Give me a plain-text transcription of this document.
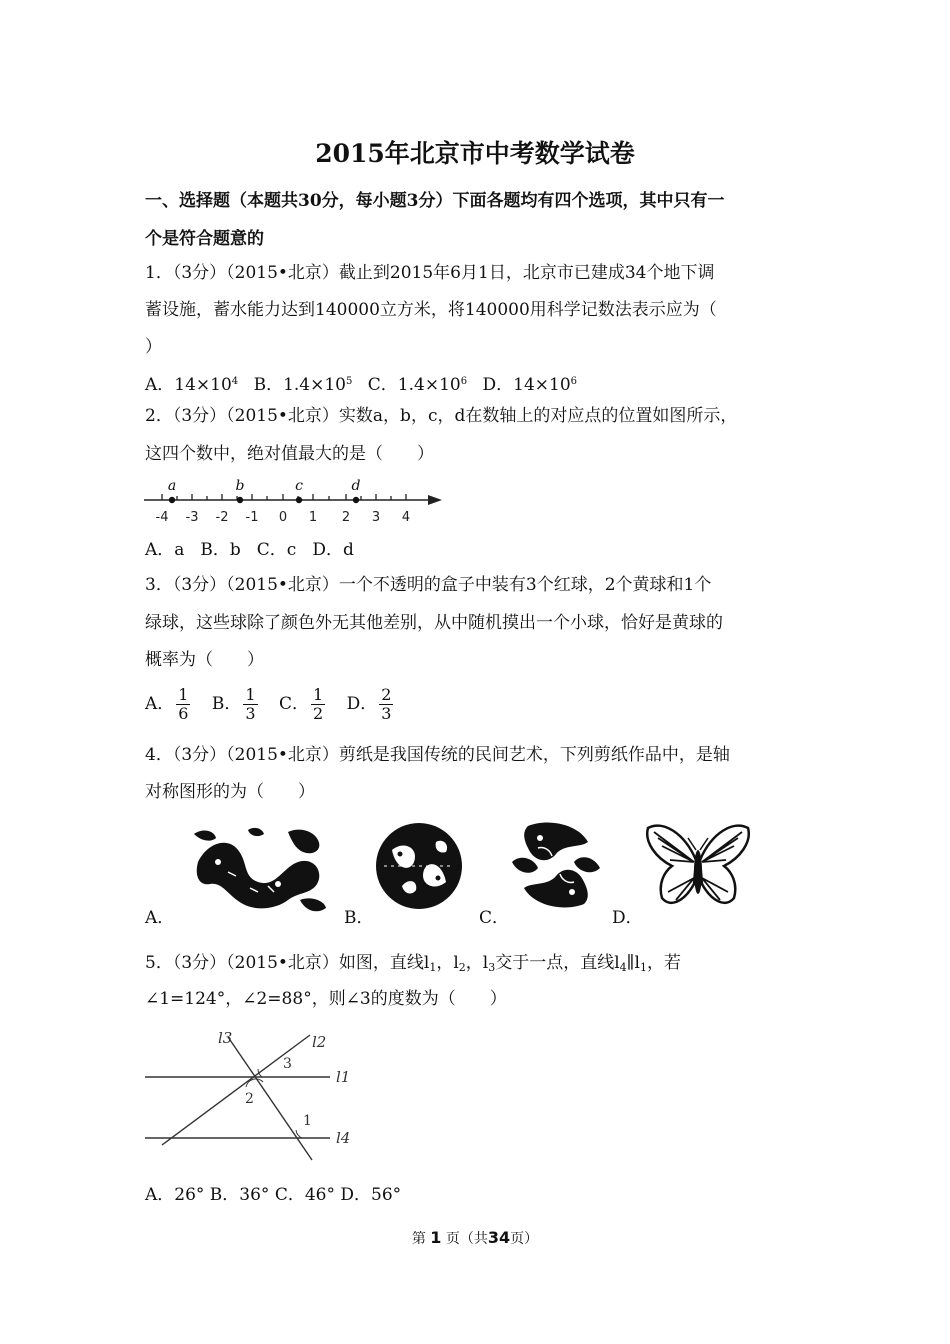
2015年北京市中考数学试卷
一、选择题（本题共30分，每小题3分）下面各题均有四个选项，其中只有一
个是符合题意的
1．（3分）（2015•北京）截止到2015年6月1日，北京市已建成34个地下调
蓄设施，蓄水能力达到140000立方米，将140000用科学记数法表示应为（
）
A．$14\times 10^4$ B．$1.4\times 10^5$ C．$1.4\times 10^6$ D．$14\times 10^6$
2．（3分）（2015•北京）实数a，b，c，d在数轴上的对应点的位置如图所示，
这四个数中，绝对值最大的是（　　）
-4 -3 -2 -1 0 1 2 3 4
a	b	c	d
A．a B．b C．c D．d
3．（3分）（2015•北京）一个不透明的盒子中装有3个红球，2个黄球和1个
绿球，这些球除了颜色外无其他差别，从中随机摸出一个小球，恰好是黄球的
概率为（　　）
A． $\frac{1}{6}$ B． $\frac{1}{3}$ C． $\frac{1}{2}$ D． $\frac{2}{3}$
4．（3分）（2015•北京）剪纸是我国传统的民间艺术，下列剪纸作品中，是轴
对称图形的为（　　）
A．	B．	C．	D．
5．（3分）（2015•北京）如图，直线$l_1$，$l_2$，$l_3$交于一点，直线$l_4\parallel l_1$，若
∠1=124°，∠2=88°，则∠3的度数为（　　）
l3	l2
l1
l4
3
2
1
A．26° B．36° C．46° D．56°
第 1 页（共34页）
